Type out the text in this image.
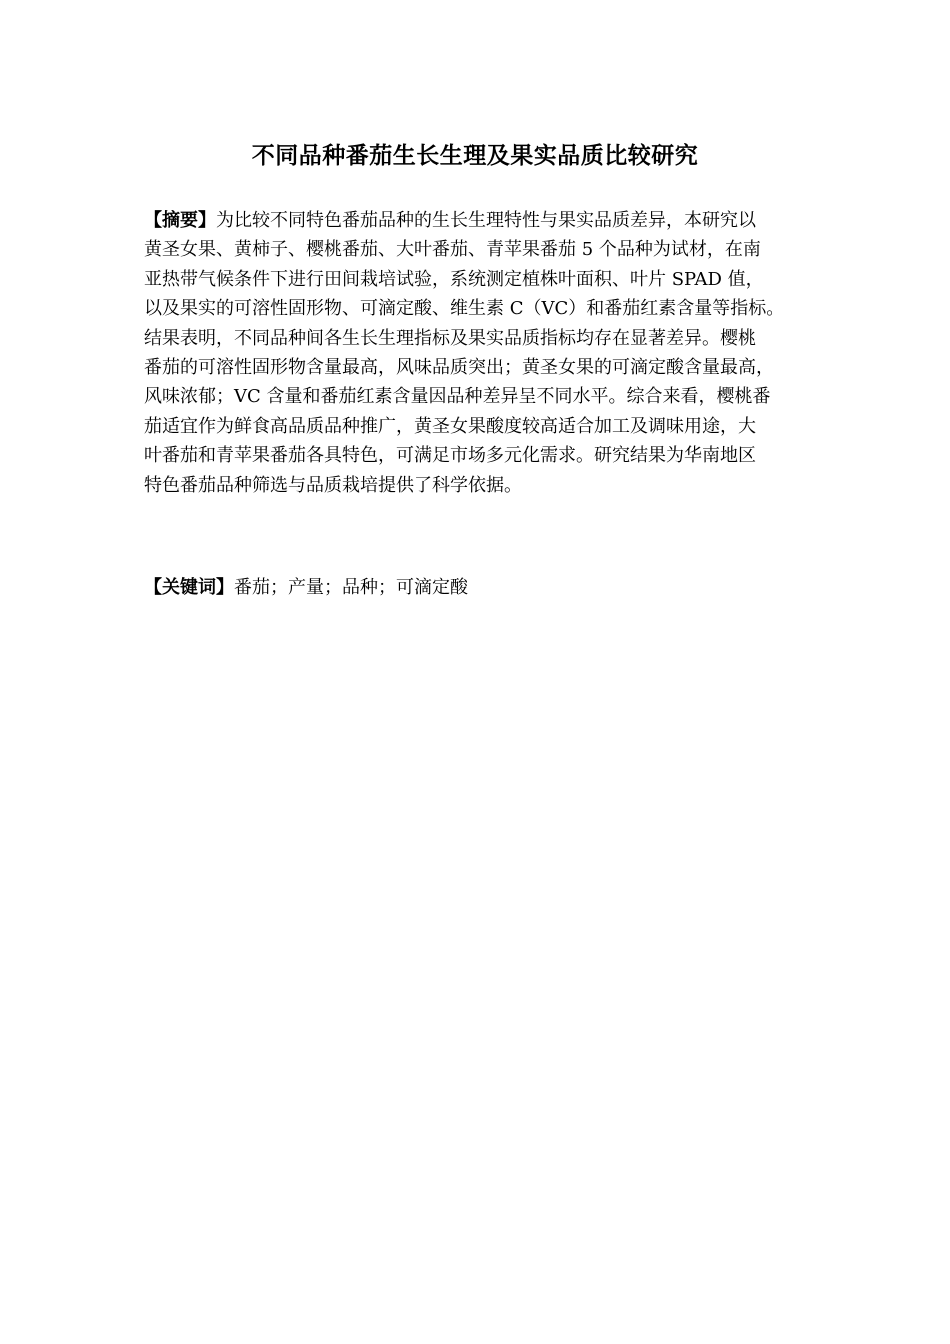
不同品种番茄生长生理及果实品质比较研究
【摘要】为比较不同特色番茄品种的生长生理特性与果实品质差异，本研究以
黄圣女果、黄柿子、樱桃番茄、大叶番茄、青苹果番茄 5 个品种为试材，在南
亚热带气候条件下进行田间栽培试验，系统测定植株叶面积、叶片 SPAD 值，
以及果实的可溶性固形物、可滴定酸、维生素 C（VC）和番茄红素含量等指标。
结果表明，不同品种间各生长生理指标及果实品质指标均存在显著差异。樱桃
番茄的可溶性固形物含量最高，风味品质突出；黄圣女果的可滴定酸含量最高，
风味浓郁；VC 含量和番茄红素含量因品种差异呈不同水平。综合来看，樱桃番
茄适宜作为鲜食高品质品种推广，黄圣女果酸度较高适合加工及调味用途，大
叶番茄和青苹果番茄各具特色，可满足市场多元化需求。研究结果为华南地区
特色番茄品种筛选与品质栽培提供了科学依据。
【关键词】番茄；产量；品种；可滴定酸
